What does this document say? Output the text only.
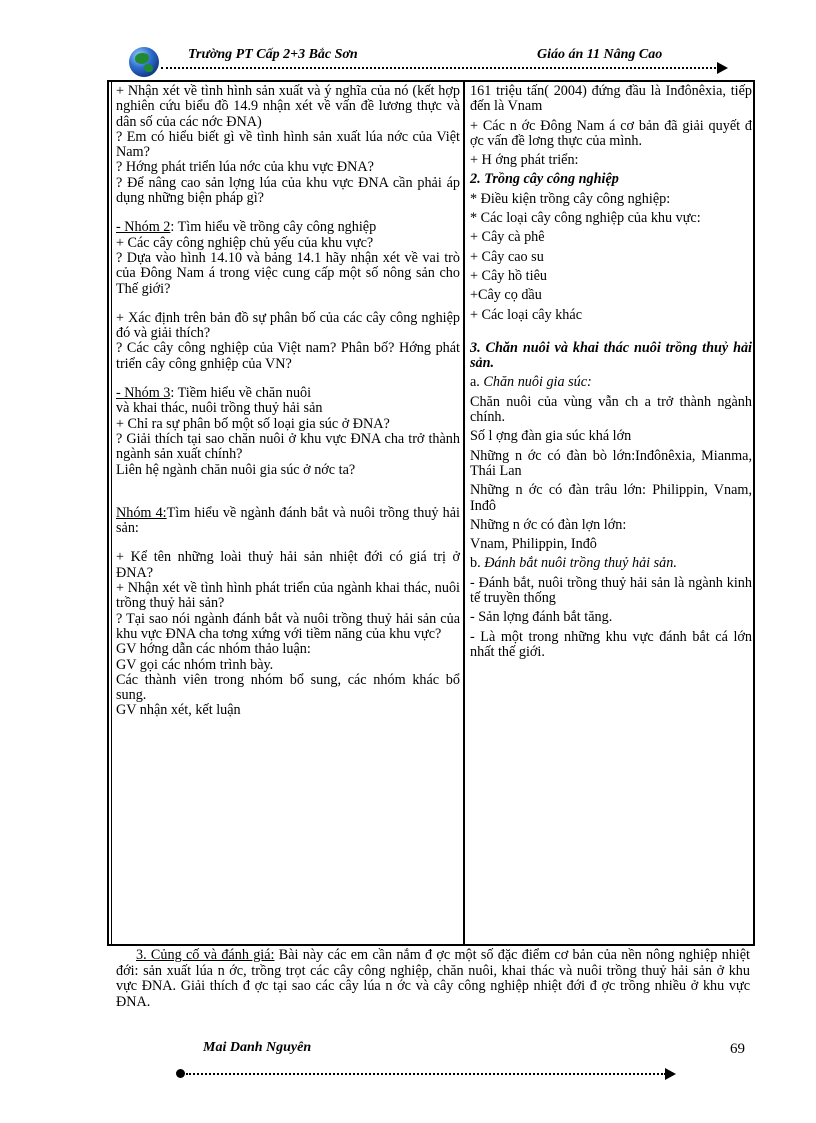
Trường PT Cấp 2+3 Bắc Sơn	Giáo án 11 Nâng Cao

+ Nhận xét về tình hình sản xuất và ý nghĩa của nó (kết hợp nghiên cứu biểu đồ 14.9 nhận xét về vấn đề lương thực và dân số của các nớc ĐNA)

? Em có hiểu biết gì về tình hình sản xuất lúa nớc của Việt Nam?

? Hớng phát triển lúa nớc của khu vực ĐNA?

? Để nâng cao sản lợng lúa của khu vực ĐNA cần phải áp dụng những biện pháp gì?

- Nhóm 2: Tìm hiểu về trồng cây công nghiệp

+ Các cây công nghiệp chủ yếu của khu vực?

? Dựa vào hình 14.10 và bảng 14.1 hãy nhận xét về vai trò của Đông Nam á trong việc cung cấp một số nông sản cho Thế giới?

+ Xác định trên bản đồ sự phân bố của các cây công nghiệp đó và giải thích?

? Các cây công nghiệp của Việt nam? Phân bố? Hớng phát triển cây công gnhiệp của VN?

- Nhóm 3: Tiềm hiểu về chăn nuôi

và khai thác, nuôi trồng thuỷ hải sản

+ Chỉ ra sự phân bố một số loại gia súc ở ĐNA?

? Giải thích tại sao chăn nuôi ở khu vực ĐNA cha trở thành ngành sản xuất chính?

Liên hệ ngành chăn nuôi gia súc ở nớc ta?

Nhóm 4:Tìm hiểu về ngành đánh bắt và nuôi trồng thuỷ hải sản:

+ Kể tên những loài thuỷ hải sản nhiệt đới có giá trị ở ĐNA?

+ Nhận xét về tình hình phát triển của ngành khai thác, nuôi trồng thuỷ hải sản?

? Tại sao nói ngành đánh bắt và nuôi trồng thuỷ hải sản của khu vực ĐNA cha tơng xứng với tiềm năng của khu vực?

GV hớng dẫn các nhóm thảo luận:

GV gọi các nhóm trình bày.

Các thành viên trong nhóm bổ sung, các nhóm khác bổ sung.

GV nhận xét, kết luận

161 triệu tấn( 2004) đứng đầu là Inđônêxia, tiếp đến là Vnam

+ Các n ớc Đông Nam á cơ bản đã giải quyết đ ợc vấn đề lơng thực của mình.

+ H ớng phát triển:

2. Trồng cây công nghiệp

* Điều kiện trồng cây công nghiệp:

* Các loại cây công nghiệp của khu vực:

+ Cây cà phê

+ Cây cao su

+ Cây hồ tiêu

+Cây cọ dầu

+ Các loại cây khác

3. Chăn nuôi và khai thác nuôi trồng thuỷ hải sản.

a. Chăn nuôi gia súc:

Chăn nuôi của vùng vẫn ch a trở thành ngành chính.

Số l ợng đàn gia súc khá lớn

Những n ớc có đàn bò lớn:Inđônêxia, Mianma, Thái Lan

Những n ớc có đàn trâu lớn: Philippin, Vnam, Inđô

Những n ớc có đàn lợn lớn:

Vnam, Philippin, Inđô

b. Đánh bắt nuôi trồng thuỷ hải sản.

- Đánh bắt, nuôi trồng thuỷ hải sản là ngành kinh tế truyền thống

- Sản lợng đánh bắt tăng.

- Là một trong những khu vực đánh bắt cá lớn nhất thế giới.

3. Củng cố và đánh giá: Bài này các em cần nắm đ ợc một số đặc điểm cơ bản của nền nông nghiệp nhiệt đới: sản xuất lúa n ớc, trồng trọt các cây công nghiệp, chăn nuôi, khai thác và nuôi trồng thuỷ hải sản ở khu vực ĐNA. Giải thích đ ợc tại sao các cây lúa n ớc và cây công nghiệp nhiệt đới đ ợc trồng nhiều ở khu vực ĐNA.

Mai Danh Nguyên	69
